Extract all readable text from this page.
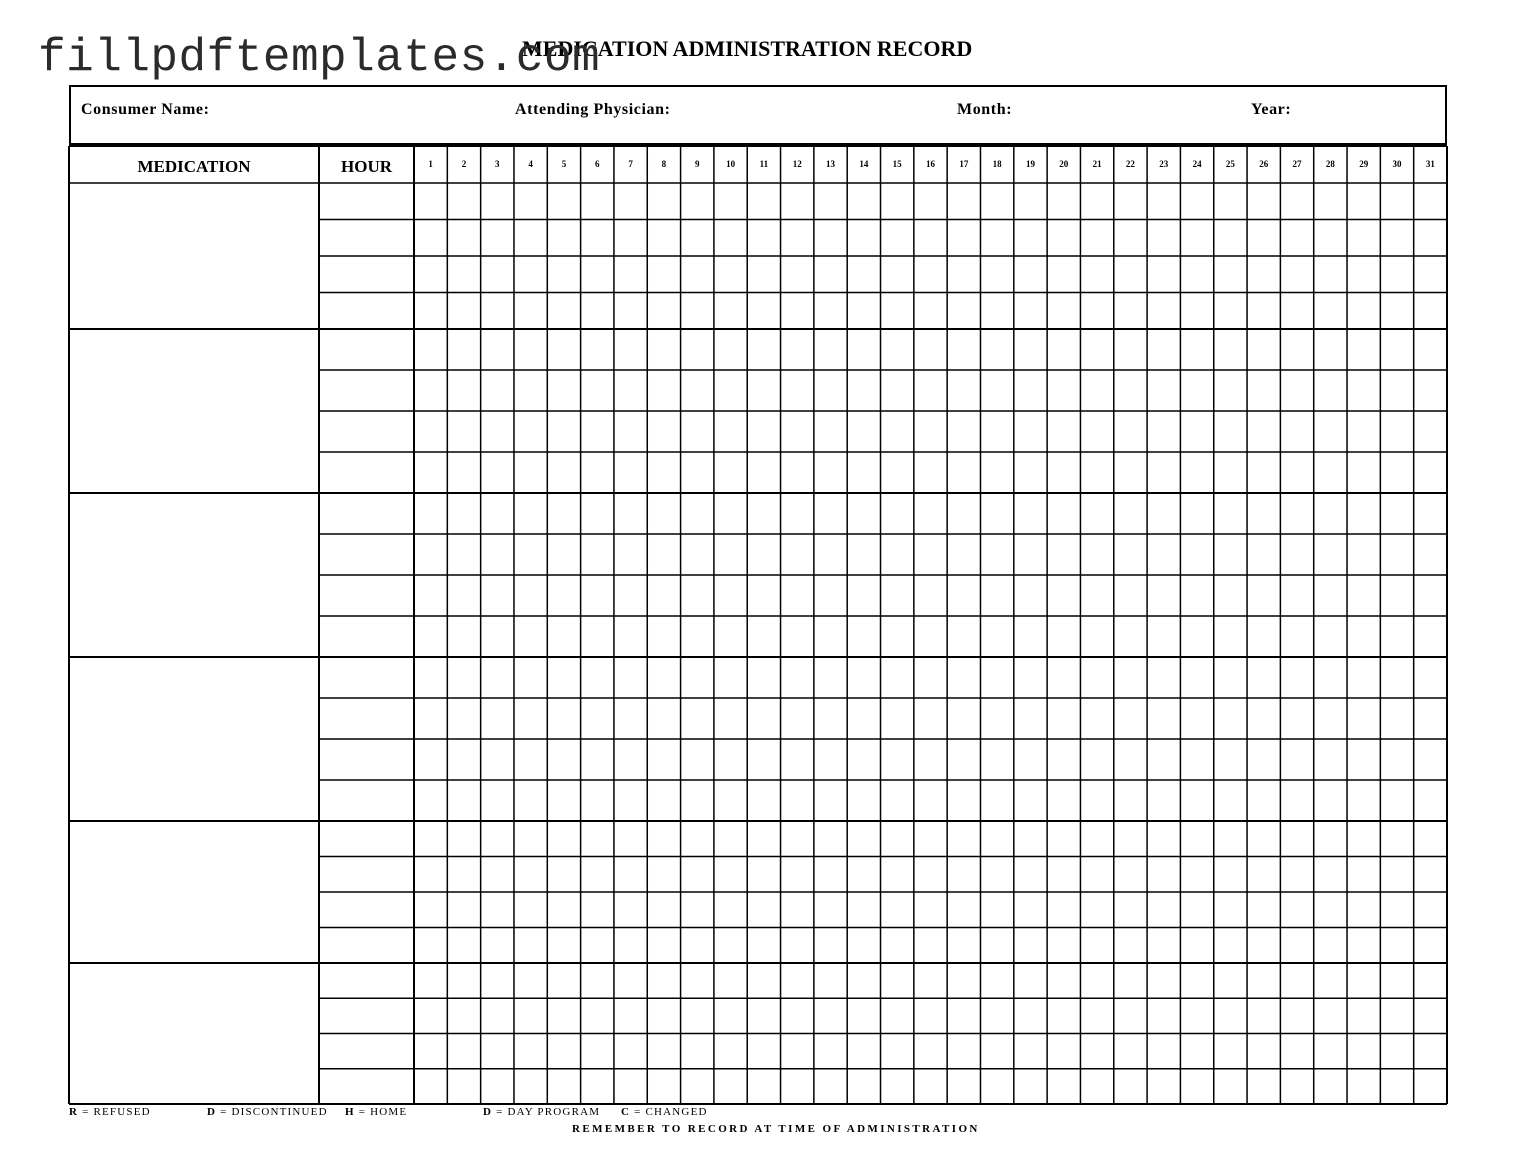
MEDICATION ADMINISTRATION RECORD
fillpdftemplates.com
Consumer Name:	Attending Physician:	Month:	Year:
MEDICATION	HOUR	1	2	3	4	5	6	7	8	9	10	11	12	13	14	15	16	17	18	19	20	21	22	23	24	25	26	27	28	29	30	31
R = REFUSED	D = DISCONTINUED H = HOME	D = DAY PROGRAM C = CHANGED
REMEMBER TO RECORD AT TIME OF ADMINISTRATION
